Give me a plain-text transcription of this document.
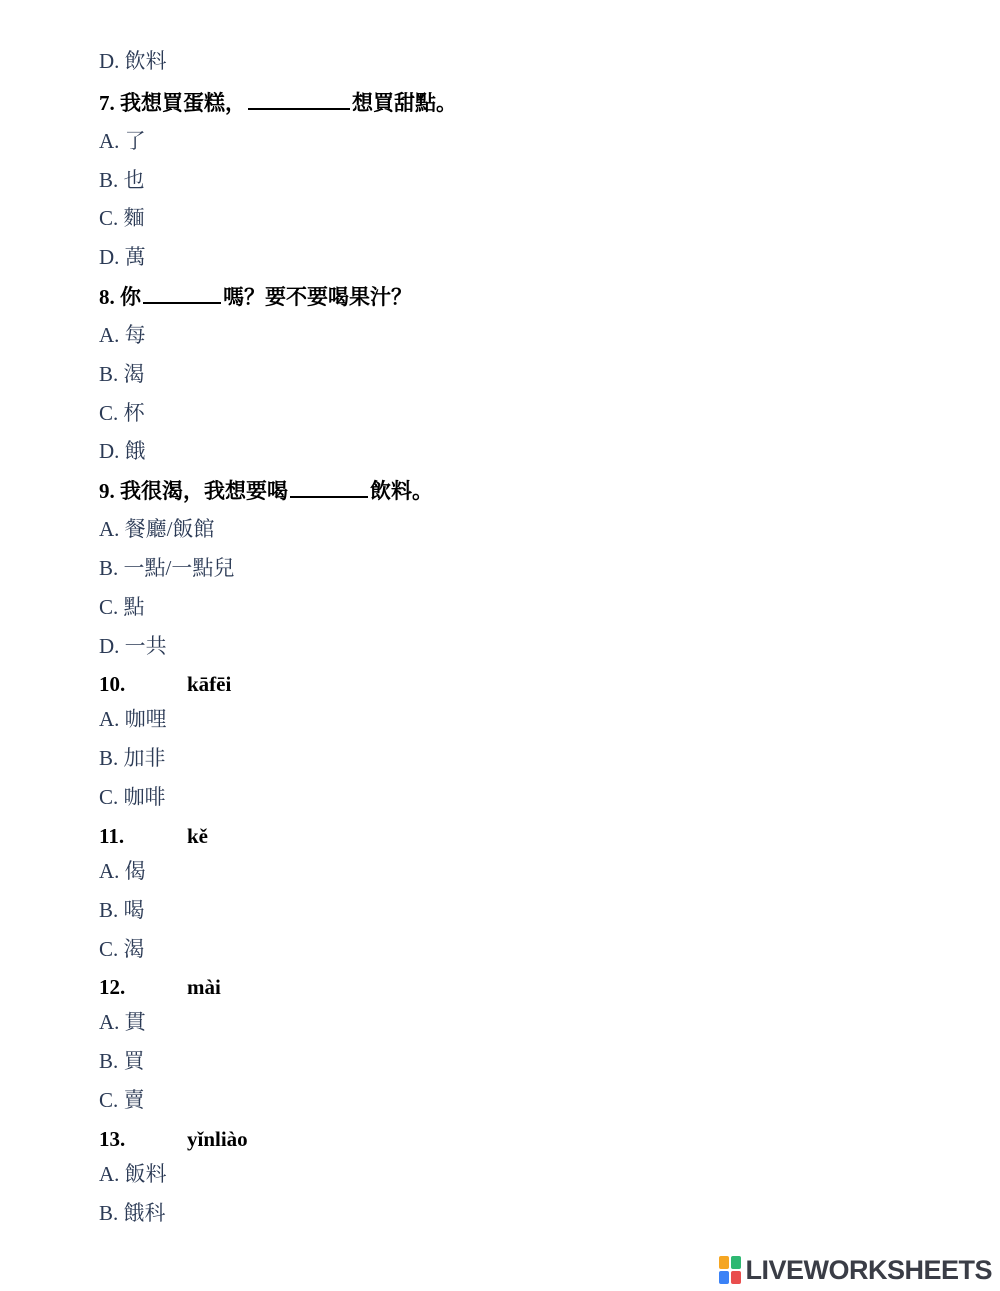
D. 飲料
7. 我想買蛋糕，	想買甜點。
A. 了
B. 也
C. 麵
D. 萬
8. 你	嗎？要不要喝果汁？
A. 每
B. 渴
C. 杯
D. 餓
9. 我很渴，我想要喝	飲料。
A. 餐廳/飯館
B. 一點/一點兒
C. 點
D. 一共
10.	kāfēi
A. 咖哩
B. 加非
C. 咖啡
11.	kě
A. 偈
B. 喝
C. 渴
12.	mài
A. 貫
B. 買
C. 賣
13.	yǐnliào
A. 飯料
B. 餓科
LIVEWORKSHEETS
